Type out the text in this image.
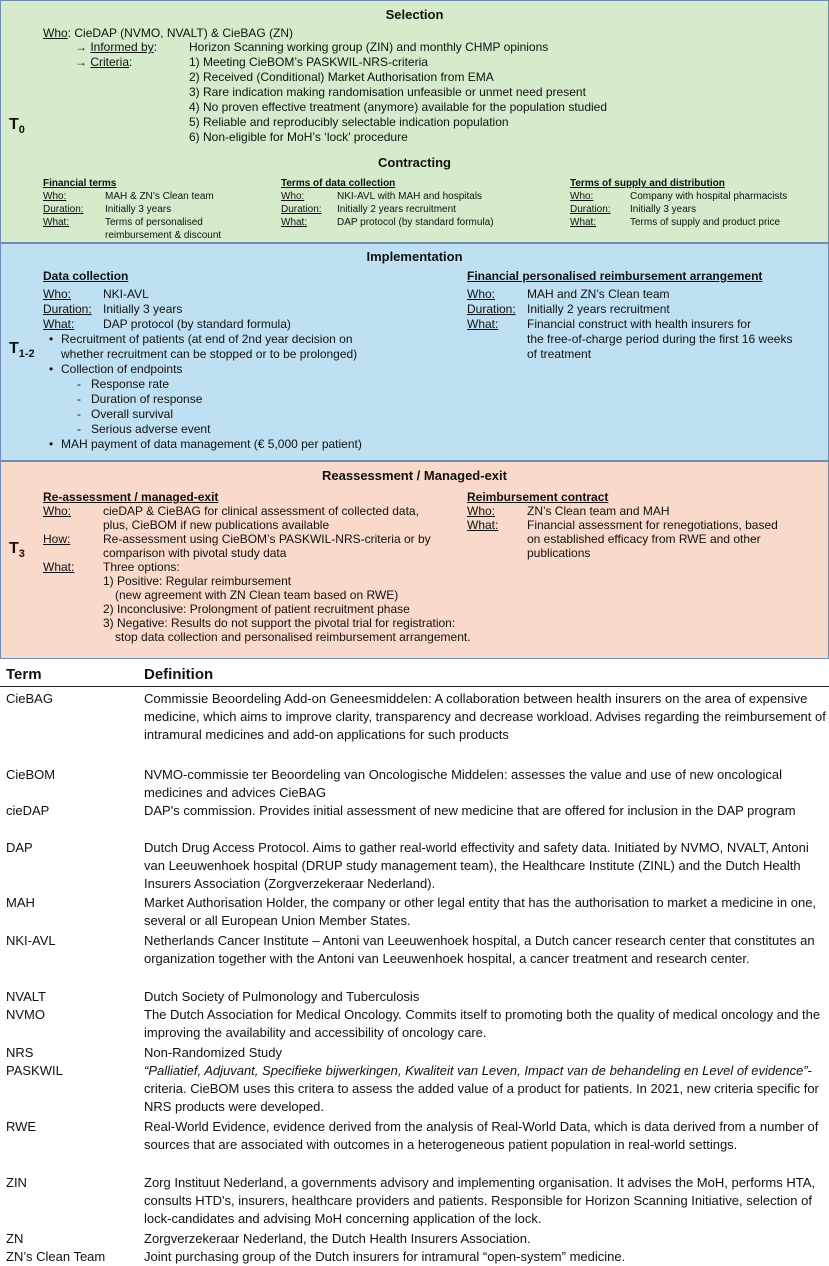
Selection
Who: CieDAP (NVMO, NVALT) & CieBAG (ZN)
→ Informed by:	Horizon Scanning working group (ZIN) and monthly CHMP opinions
→ Criteria:	1) Meeting CieBOM’s PASKWIL-NRS-criteria
2) Received (Conditional) Market Authorisation from EMA
3) Rare indication making randomisation unfeasible or unmet need present
4) No proven effective treatment (anymore) available for the population studied
5) Reliable and reproducibly selectable indication population
6) Non-eligible for MoH’s ‘lock’ procedure
$T_0$
Contracting
Financial terms
Who:	MAH & ZN’s Clean team
Duration: Initially 3 years
What:	Terms of personalised
reimbursement & discount
Terms of data collection
Who:	NKI-AVL with MAH and hospitals
Duration: Initially 2 years recruitment
What:	DAP protocol (by standard formula)
Terms of supply and distribution
Who:	Company with hospital pharmacists
Duration: Initially 3 years
What:	Terms of supply and product price
Implementation
$T_{1-2}$
Data collection
Who:	NKI-AVL
Duration: Initially 3 years
What: DAP protocol (by standard formula)
• Recruitment of patients (at end of 2nd year decision on
whether recruitment can be stopped or to be prolonged)
• Collection of endpoints
- Response rate
- Duration of response
- Overall survival
- Serious adverse event
• MAH payment of data management (€ 5,000 per patient)
Financial personalised reimbursement arrangement
Who:	MAH and ZN’s Clean team
Duration: Initially 2 years recruitment
What: Financial construct with health insurers for
the free-of-charge period during the first 16 weeks
of treatment
Reassessment / Managed-exit
$T_3$
Re-assessment / managed-exit
Who:	cieDAP & CieBAG for clinical assessment of collected data,
plus, CieBOM if new publications available
How:	Re-assessment using CieBOM’s PASKWIL-NRS-criteria or by
comparison with pivotal study data
What: Three options:
1) Positive: Regular reimbursement
(new agreement with ZN Clean team based on RWE)
2) Inconclusive: Prolongment of patient recruitment phase
3) Negative: Results do not support the pivotal trial for registration:
stop data collection and personalised reimbursement arrangement.
Reimbursement contract
Who:	ZN’s Clean team and MAH
What: Financial assessment for renegotiations, based
on established efficacy from RWE and other
publications
Term	Definition
CieBAG	Commissie Beoordeling Add-on Geneesmiddelen: A collaboration between health insurers on the area of expensive medicine, which aims to improve clarity, transparency and decrease workload. Advises regarding the reimbursement of intramural medicines and add-on applications for such products
CieBOM	NVMO-commissie ter Beoordeling van Oncologische Middelen: assesses the value and use of new oncological medicines and advices CieBAG
cieDAP	DAP's commission. Provides initial assessment of new medicine that are offered for inclusion in the DAP program
DAP	Dutch Drug Access Protocol. Aims to gather real-world effectivity and safety data. Initiated by NVMO, NVALT, Antoni van Leeuwenhoek hospital (DRUP study management team), the Healthcare Institute (ZINL) and the Dutch Health Insurers Association (Zorgverzekeraar Nederland).
MAH	Market Authorisation Holder, the company or other legal entity that has the authorisation to market a medicine in one, several or all European Union Member States.
NKI-AVL	Netherlands Cancer Institute – Antoni van Leeuwenhoek hospital, a Dutch cancer research center that constitutes an organization together with the Antoni van Leeuwenhoek hospital, a cancer treatment and research center.
NVALT	Dutch Society of Pulmonology and Tuberculosis
NVMO	The Dutch Association for Medical Oncology. Commits itself to promoting both the quality of medical oncology and the improving the availability and accessibility of oncology care.
NRS	Non-Randomized Study
PASKWIL	“Palliatief, Adjuvant, Specifieke bijwerkingen, Kwaliteit van Leven, Impact van de behandeling en Level of evidence”-criteria. CieBOM uses this critera to assess the added value of a product for patients. In 2021, new criteria specific for NRS products were developed.
RWE	Real-World Evidence, evidence derived from the analysis of Real-World Data, which is data derived from a number of sources that are associated with outcomes in a heterogeneous patient population in real-world settings.
ZIN	Zorg Instituut Nederland, a governments advisory and implementing organisation. It advises the MoH, performs HTA, consults HTD's, insurers, healthcare providers and patients. Responsible for Horizon Scanning Initiative, selection of lock-candidates and advising MoH concerning application of the lock.
ZN	Zorgverzekeraar Nederland, the Dutch Health Insurers Association.
ZN’s Clean Team	Joint purchasing group of the Dutch insurers for intramural “open-system” medicine.
